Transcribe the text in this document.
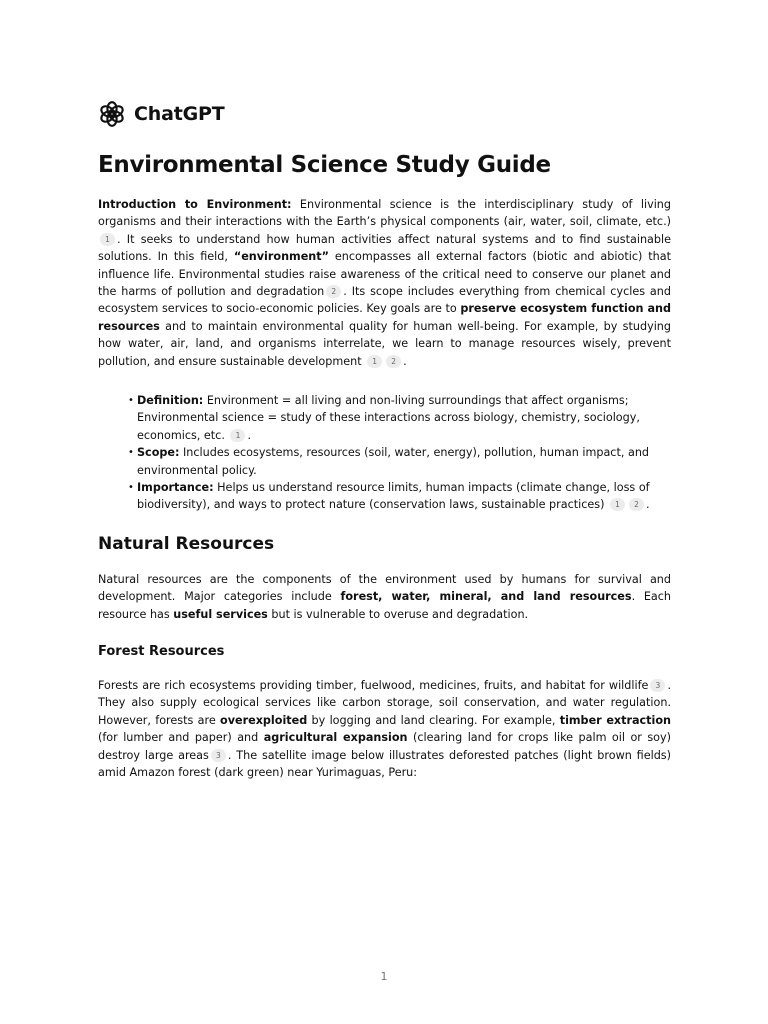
ChatGPT
Environmental Science Study Guide

Introduction to Environment: Environmental science is the interdisciplinary study of living organisms and their interactions with the Earth’s physical components (air, water, soil, climate, etc.)1 . It seeks to understand how human activities affect natural systems and to find sustainable solutions. In this field, “environment” encompasses all external factors (biotic and abiotic) that influence life. Environmental studies raise awareness of the critical need to conserve our planet and the harms of pollution and degradation 2 . Its scope includes everything from chemical cycles and ecosystem services to socio-economic policies. Key goals are to preserve ecosystem function and resources and to maintain environmental quality for human well-being. For example, by studying how water, air, land, and organisms interrelate, we learn to manage resources wisely, prevent pollution, and ensure sustainable development 1 2 .

• Definition: Environment = all living and non-living surroundings that affect organisms; Environmental science = study of these interactions across biology, chemistry, sociology, economics, etc. 1 .
• Scope: Includes ecosystems, resources (soil, water, energy), pollution, human impact, and environmental policy.
• Importance: Helps us understand resource limits, human impacts (climate change, loss of biodiversity), and ways to protect nature (conservation laws, sustainable practices) 1 2 .
Natural Resources

Natural resources are the components of the environment used by humans for survival and development. Major categories include forest, water, mineral, and land resources. Each resource has useful services but is vulnerable to overuse and degradation.

Forest Resources

Forests are rich ecosystems providing timber, fuelwood, medicines, fruits, and habitat for wildlife 3 . They also supply ecological services like carbon storage, soil conservation, and water regulation. However, forests are overexploited by logging and land clearing. For example, timber extraction (for lumber and paper) and agricultural expansion (clearing land for crops like palm oil or soy) destroy large areas 3 . The satellite image below illustrates deforested patches (light brown fields) amid Amazon forest (dark green) near Yurimaguas, Peru:

1
